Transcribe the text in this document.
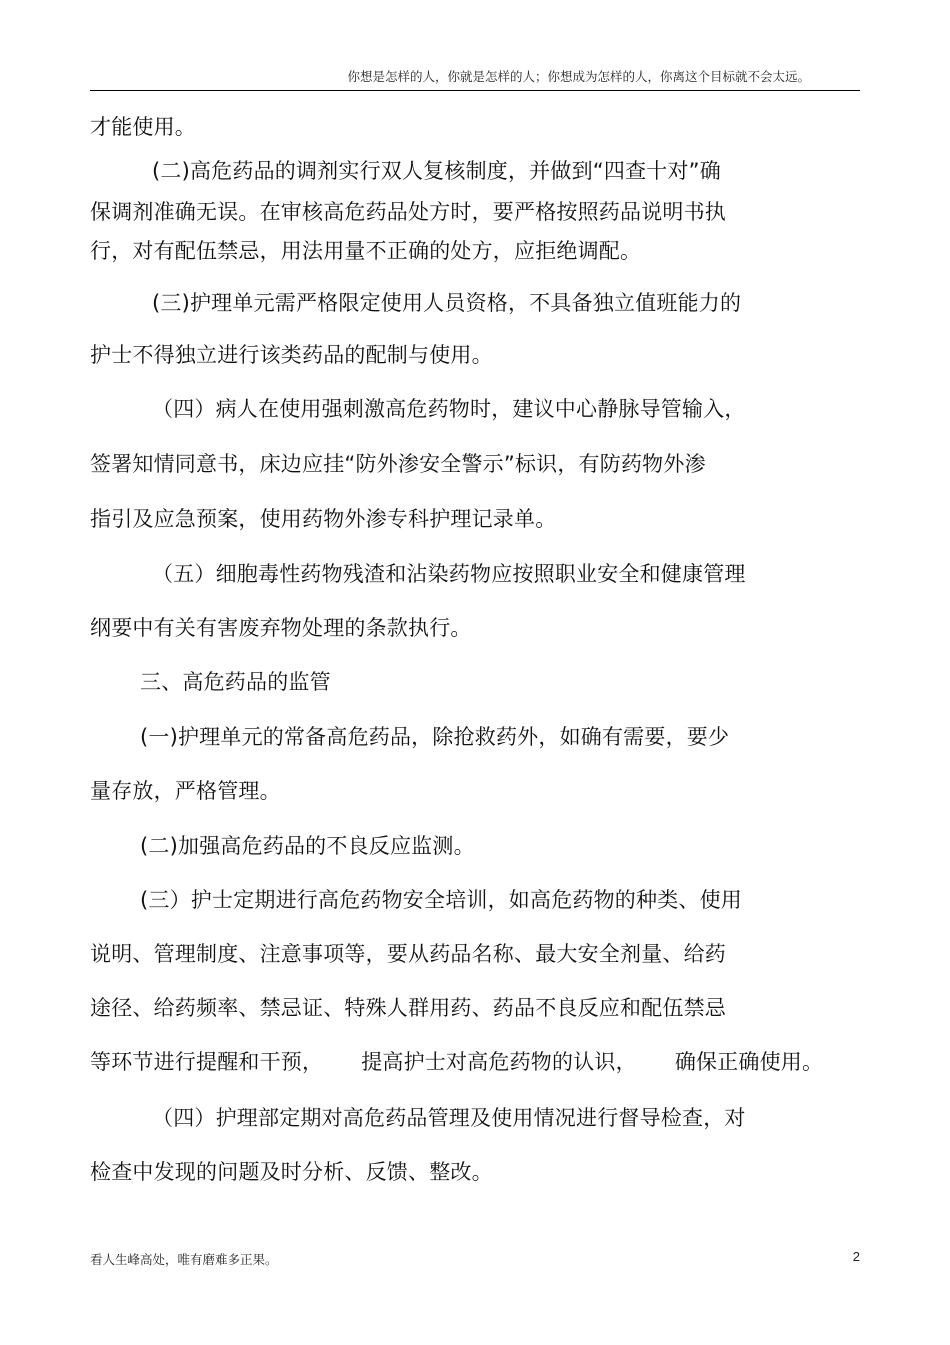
你想是怎样的人，你就是怎样的人；你想成为怎样的人，你离这个目标就不会太远。
才能使用。
(二)高危药品的调剂实行双人复核制度，并做到“四查十对”确
保调剂准确无误。在审核高危药品处方时，要严格按照药品说明书执
行，对有配伍禁忌，用法用量不正确的处方，应拒绝调配。
(三)护理单元需严格限定使用人员资格，不具备独立值班能力的
护士不得独立进行该类药品的配制与使用。
（四）病人在使用强刺激高危药物时，建议中心静脉导管输入，
签署知情同意书，床边应挂“防外渗安全警示”标识，有防药物外渗
指引及应急预案，使用药物外渗专科护理记录单。
（五）细胞毒性药物残渣和沾染药物应按照职业安全和健康管理
纲要中有关有害废弃物处理的条款执行。
三、高危药品的监管
(一)护理单元的常备高危药品，除抢救药外，如确有需要，要少
量存放，严格管理。
(二)加强高危药品的不良反应监测。
(三）护士定期进行高危药物安全培训，如高危药物的种类、使用
说明、管理制度、注意事项等，要从药品名称、最大安全剂量、给药
途径、给药频率、禁忌证、特殊人群用药、药品不良反应和配伍禁忌
等环节进行提醒和干预， 提高护士对高危药物的认识， 确保正确使用。
（四）护理部定期对高危药品管理及使用情况进行督导检查，对
检查中发现的问题及时分析、反馈、整改。
看人生峰高处，唯有磨难多正果。	2
